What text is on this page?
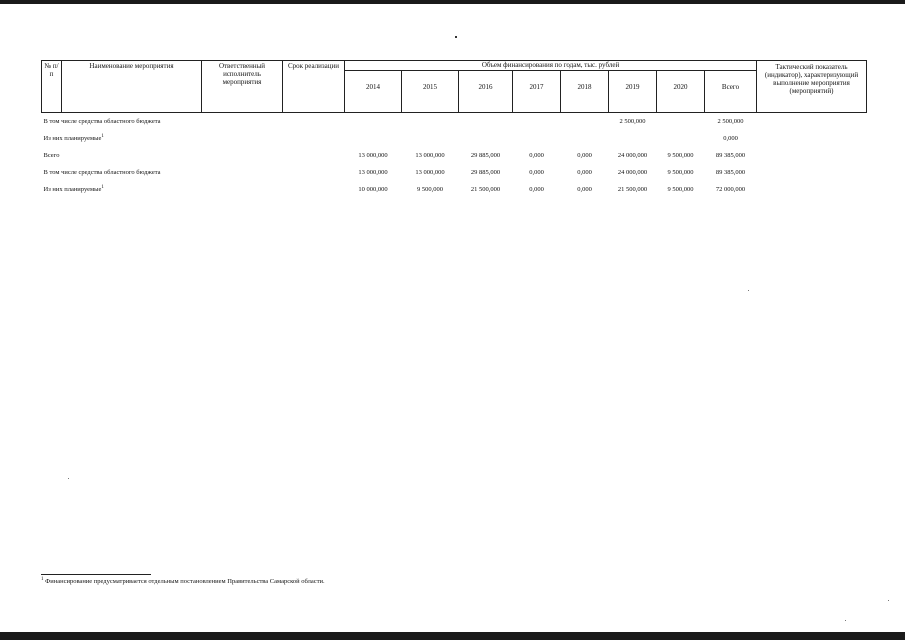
№ п/п	Наименование мероприятия	Ответственный исполнитель мероприятия	Срок реализации	Объем финансирования по годам, тыс. рублей								Тактический показатель (индикатор), характеризующий выполнение мероприятия (мероприятий)
				2014	2015	2016	2017	2018	2019	2020	Всего	
В том числе средства областного бюджета									2 500,000		2 500,000	
Из них планируемые$^1$											0,000	
Всего				13 000,000	13 000,000	29 885,000	0,000	0,000	24 000,000	9 500,000	89 385,000	
В том числе средства областного бюджета				13 000,000	13 000,000	29 885,000	0,000	0,000	24 000,000	9 500,000	89 385,000	
Из них планируемые$^1$				10 000,000	9 500,000	21 500,000	0,000	0,000	21 500,000	9 500,000	72 000,000	
$^1$ Финансирование предусматривается отдельным постановлением Правительства Самарской области.
